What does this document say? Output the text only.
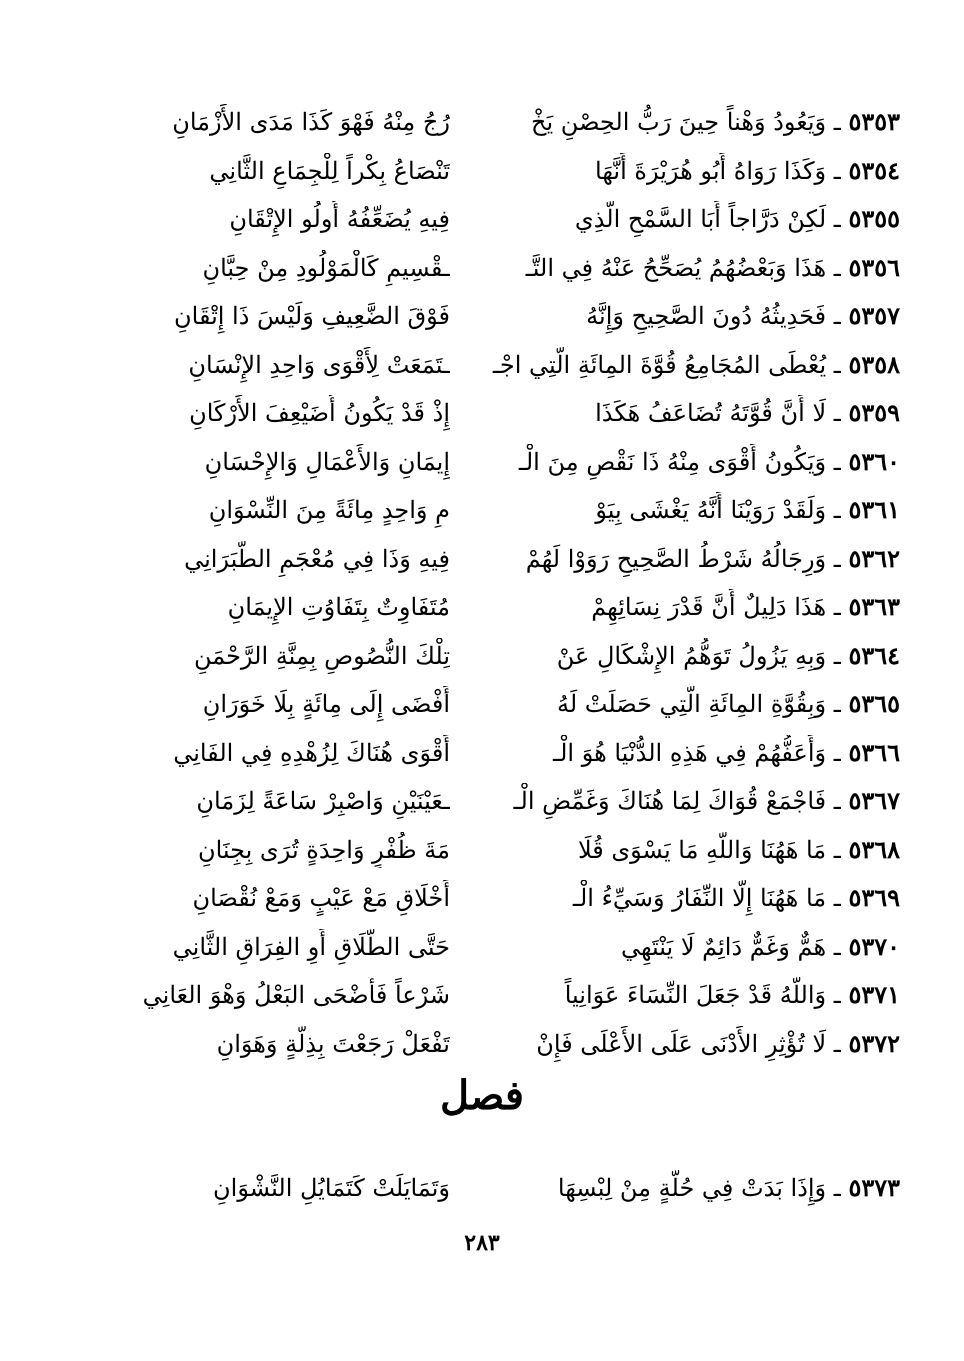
٥٣٥٣ ـ وَيَعُودُ وَهْناً حِينَ رَبُّ الحِصْنِ يَخْ
رُجُ مِنْهُ فَهْوَ كَذَا مَدَى الأَزْمَانِ
٥٣٥٤ ـ وَكَذَا رَوَاهُ أَبُو هُرَيْرَةَ أَنَّهَا
تَنْصَاعُ بِكْراً لِلْجِمَاعِ الثَّانِي
٥٣٥٥ ـ لَكِنْ دَرَّاجاً أَبَا السَّمْحِ الَّذِي
فِيهِ يُضَعِّفُهُ أُولُو الإِتْقَانِ
٥٣٥٦ ـ هَذَا وَبَعْضُهُمُ يُصَحِّحُ عَنْهُ فِي التَّـ
ـقْسِيمِ كَالْمَوْلُودِ مِنْ حِبَّانِ
٥٣٥٧ ـ فَحَدِيثُهُ دُونَ الصَّحِيحِ وَإِنَّهُ
فَوْقَ الضَّعِيفِ وَلَيْسَ ذَا إِتْقَانِ
٥٣٥٨ ـ يُعْطَى المُجَامِعُ قُوَّةَ المِائَةِ الَّتِي اجْـ
ـتَمَعَتْ لِأَقْوَى وَاحِدِ الإِنْسَانِ
٥٣٥٩ ـ لَا أَنَّ قُوَّتَهُ تُضَاعَفُ هَكَذَا
إِذْ قَدْ يَكُونُ أُضَيْعِفَ الأَرْكَانِ
٥٣٦٠ ـ وَيَكُونُ أَقْوَى مِنْهُ ذَا نَقْصٍ مِنَ الْـ
إِيمَانِ وَالأَعْمَالِ وَالإِحْسَانِ
٥٣٦١ ـ وَلَقَدْ رَوَيْنَا أَنَّهُ يَغْشَى بِيَوْ
مٍ وَاحِدٍ مِائَةً مِنَ النِّسْوَانِ
٥٣٦٢ ـ وَرِجَالُهُ شَرْطُ الصَّحِيحِ رَوَوْا لَهُمْ
فِيهِ وَذَا فِي مُعْجَمِ الطَّبَرَانِي
٥٣٦٣ ـ هَذَا دَلِيلٌ أَنَّ قَدْرَ نِسَائِهِمْ
مُتَفَاوِتٌ بِتَفَاوُتِ الإِيمَانِ
٥٣٦٤ ـ وَبِهِ يَزُولُ تَوَهُّمُ الإِشْكَالِ عَنْ
تِلْكَ النُّصُوصِ بِمِنَّةِ الرَّحْمَنِ
٥٣٦٥ ـ وَبِقُوَّةِ المِائَةِ الَّتِي حَصَلَتْ لَهُ
أَفْضَى إِلَى مِائَةٍ بِلَا خَوَرَانِ
٥٣٦٦ ـ وَأَعَفُّهُمْ فِي هَذِهِ الدُّنْيَا هُوَ الْـ
أَقْوَى هُنَاكَ لِزُهْدِهِ فِي الفَانِي
٥٣٦٧ ـ فَاجْمَعْ قُوَاكَ لِمَا هُنَاكَ وَغَمِّضِ الْـ
ـعَيْنَيْنِ وَاصْبِرْ سَاعَةً لِزَمَانِ
٥٣٦٨ ـ مَا هَهُنَا وَاللَّهِ مَا يَسْوَى قُلَا
مَةَ ظُفْرٍ وَاحِدَةٍ تُرَى بِجِنَانِ
٥٣٦٩ ـ مَا هَهُنَا إِلَّا النِّفَارُ وَسَيِّءُ الْـ
أَخْلَاقِ مَعْ عَيْبٍ وَمَعْ نُقْصَانِ
٥٣٧٠ ـ هَمٌّ وَغَمٌّ دَائِمٌ لَا يَنْتَهِي
حَتَّى الطَّلَاقِ أَوِ الفِرَاقِ الثَّانِي
٥٣٧١ ـ وَاللَّهُ قَدْ جَعَلَ النِّسَاءَ عَوَانِياً
شَرْعاً فَأَضْحَى البَعْلُ وَهْوَ العَانِي
٥٣٧٢ ـ لَا تُؤْثِرِ الأَدْنَى عَلَى الأَعْلَى فَإِنْ
تَفْعَلْ رَجَعْتَ بِذِلَّةٍ وَهَوَانِ
فصل
٥٣٧٣ ـ وَإِذَا بَدَتْ فِي حُلَّةٍ مِنْ لِبْسِهَا
وَتَمَايَلَتْ كَتَمَايُلِ النَّشْوَانِ
٢٨٣
